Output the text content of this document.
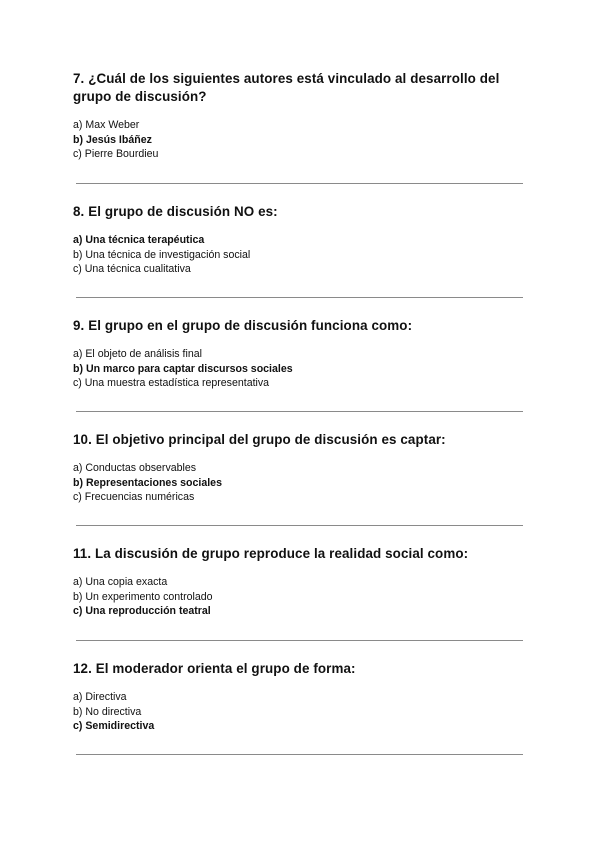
7. ¿Cuál de los siguientes autores está vinculado al desarrollo del grupo de discusión?

a) Max Weber
b) Jesús Ibáñez
c) Pierre Bourdieu

8. El grupo de discusión NO es:

a) Una técnica terapéutica
b) Una técnica de investigación social
c) Una técnica cualitativa

9. El grupo en el grupo de discusión funciona como:

a) El objeto de análisis final
b) Un marco para captar discursos sociales
c) Una muestra estadística representativa

10. El objetivo principal del grupo de discusión es captar:

a) Conductas observables
b) Representaciones sociales
c) Frecuencias numéricas

11. La discusión de grupo reproduce la realidad social como:

a) Una copia exacta
b) Un experimento controlado
c) Una reproducción teatral

12. El moderador orienta el grupo de forma:

a) Directiva
b) No directiva
c) Semidirectiva
